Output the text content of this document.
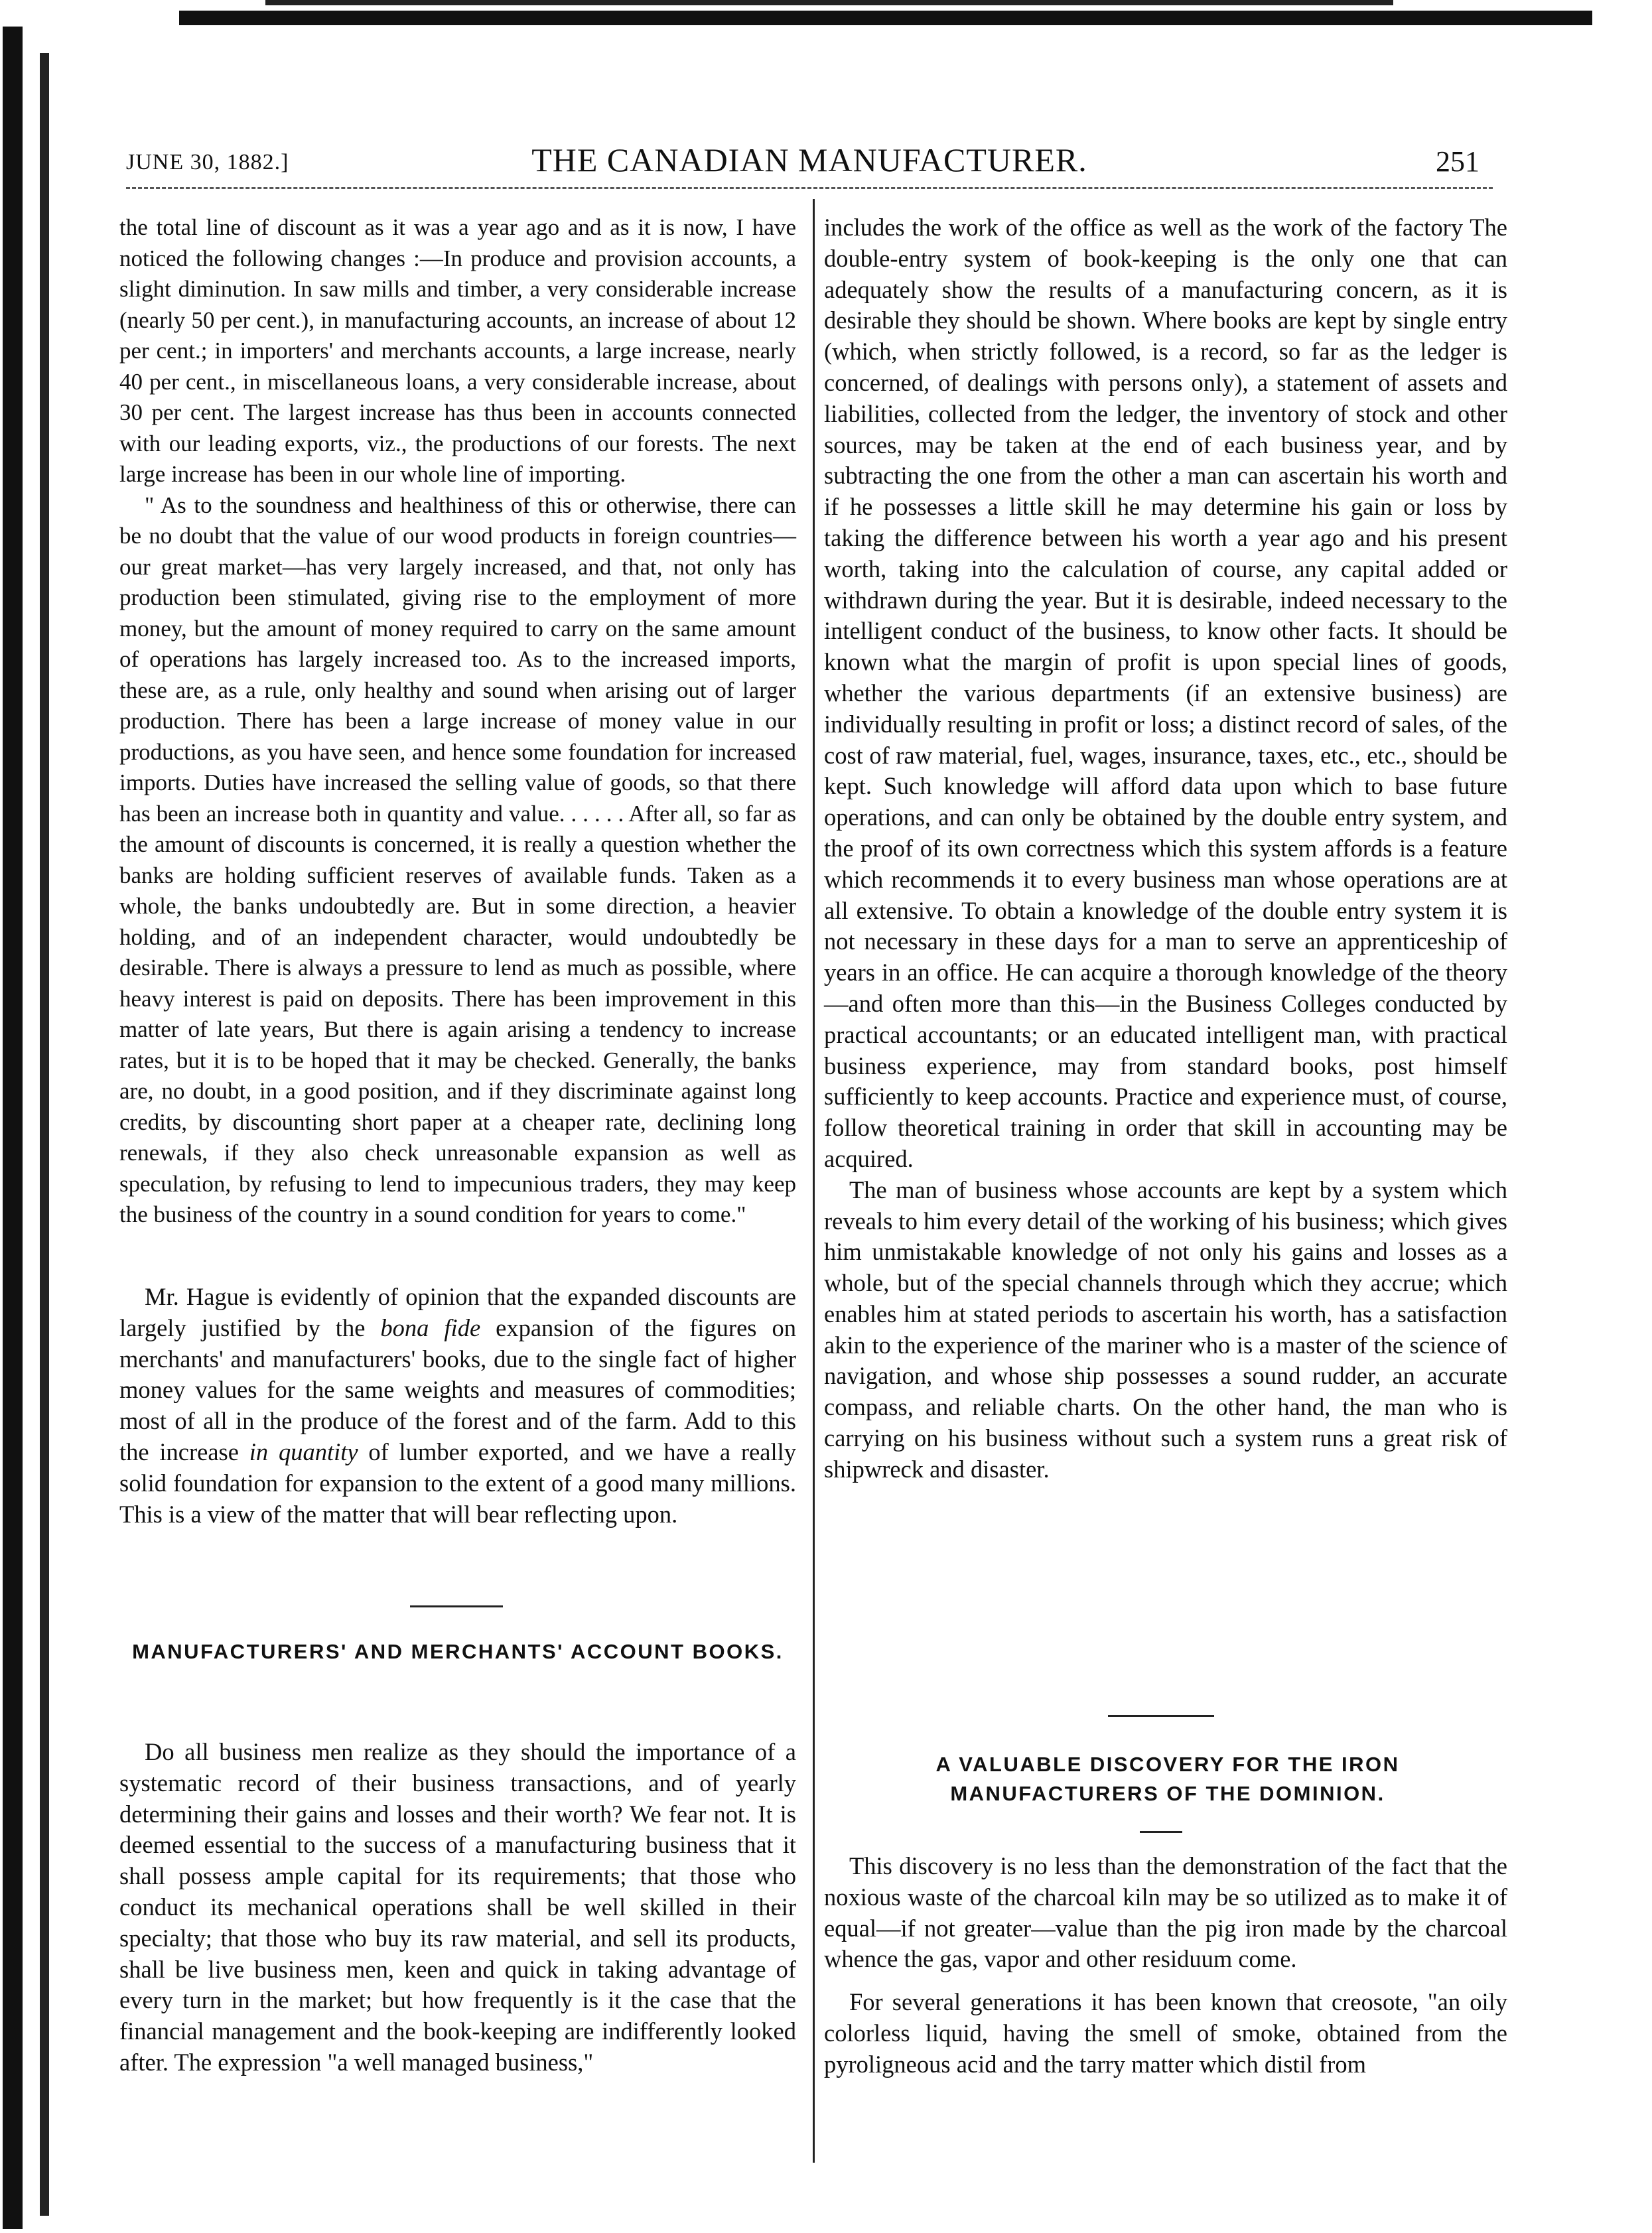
JUNE 30, 1882.]	THE CANADIAN MANUFACTURER.	251

the total line of discount as it was a year ago and as it is now, I have noticed the following changes :—In produce and provision accounts, a slight diminution. In saw mills and timber, a very considerable increase (nearly 50 per cent.), in manufacturing accounts, an increase of about 12 per cent.; in importers' and merchants accounts, a large increase, nearly 40 per cent., in miscellaneous loans, a very considerable increase, about 30 per cent. The largest increase has thus been in accounts connected with our leading exports, viz., the productions of our forests. The next large increase has been in our whole line of importing.

" As to the soundness and healthiness of this or otherwise, there can be no doubt that the value of our wood products in foreign countries—our great market—has very largely increased, and that, not only has production been stimulated, giving rise to the employment of more money, but the amount of money required to carry on the same amount of operations has largely increased too. As to the increased imports, these are, as a rule, only healthy and sound when arising out of larger production. There has been a large increase of money value in our productions, as you have seen, and hence some foundation for increased imports. Duties have increased the selling value of goods, so that there has been an increase both in quantity and value. . . . . . After all, so far as the amount of discounts is concerned, it is really a question whether the banks are holding sufficient reserves of available funds. Taken as a whole, the banks undoubtedly are. But in some direction, a heavier holding, and of an independent character, would undoubtedly be desirable. There is always a pressure to lend as much as possible, where heavy interest is paid on deposits. There has been improvement in this matter of late years, But there is again arising a tendency to increase rates, but it is to be hoped that it may be checked. Generally, the banks are, no doubt, in a good position, and if they discriminate against long credits, by discounting short paper at a cheaper rate, declining long renewals, if they also check unreasonable expansion as well as speculation, by refusing to lend to impecunious traders, they may keep the business of the country in a sound condition for years to come."

Mr. Hague is evidently of opinion that the expanded discounts are largely justified by the bona fide expansion of the figures on merchants' and manufacturers' books, due to the single fact of higher money values for the same weights and measures of commodities; most of all in the produce of the forest and of the farm. Add to this the increase in quantity of lumber exported, and we have a really solid foundation for expansion to the extent of a good many millions. This is a view of the matter that will bear reflecting upon.

MANUFACTURERS' AND MERCHANTS' ACCOUNT BOOKS.

Do all business men realize as they should the importance of a systematic record of their business transactions, and of yearly determining their gains and losses and their worth? We fear not. It is deemed essential to the success of a manufacturing business that it shall possess ample capital for its requirements; that those who conduct its mechanical operations shall be well skilled in their specialty; that those who buy its raw material, and sell its products, shall be live business men, keen and quick in taking advantage of every turn in the market; but how frequently is it the case that the financial management and the book-keeping are indifferently looked after. The expression "a well managed business,"

includes the work of the office as well as the work of the factory The double-entry system of book-keeping is the only one that can adequately show the results of a manufacturing concern, as it is desirable they should be shown. Where books are kept by single entry (which, when strictly followed, is a record, so far as the ledger is concerned, of dealings with persons only), a statement of assets and liabilities, collected from the ledger, the inventory of stock and other sources, may be taken at the end of each business year, and by subtracting the one from the other a man can ascertain his worth and if he possesses a little skill he may determine his gain or loss by taking the difference between his worth a year ago and his present worth, taking into the calculation of course, any capital added or withdrawn during the year. But it is desirable, indeed necessary to the intelligent conduct of the business, to know other facts. It should be known what the margin of profit is upon special lines of goods, whether the various departments (if an extensive business) are individually resulting in profit or loss; a distinct record of sales, of the cost of raw material, fuel, wages, insurance, taxes, etc., etc., should be kept. Such knowledge will afford data upon which to base future operations, and can only be obtained by the double entry system, and the proof of its own correctness which this system affords is a feature which recommends it to every business man whose operations are at all extensive. To obtain a knowledge of the double entry system it is not necessary in these days for a man to serve an apprenticeship of years in an office. He can acquire a thorough knowledge of the theory—and often more than this—in the Business Colleges conducted by practical accountants; or an educated intelligent man, with practical business experience, may from standard books, post himself sufficiently to keep accounts. Practice and experience must, of course, follow theoretical training in order that skill in accounting may be acquired.

The man of business whose accounts are kept by a system which reveals to him every detail of the working of his business; which gives him unmistakable knowledge of not only his gains and losses as a whole, but of the special channels through which they accrue; which enables him at stated periods to ascertain his worth, has a satisfaction akin to the experience of the mariner who is a master of the science of navigation, and whose ship possesses a sound rudder, an accurate compass, and reliable charts. On the other hand, the man who is carrying on his business without such a system runs a great risk of shipwreck and disaster.

A VALUABLE DISCOVERY FOR THE IRON MANUFACTURERS OF THE DOMINION.

This discovery is no less than the demonstration of the fact that the noxious waste of the charcoal kiln may be so utilized as to make it of equal—if not greater—value than the pig iron made by the charcoal whence the gas, vapor and other residuum come.

For several generations it has been known that creosote, "an oily colorless liquid, having the smell of smoke, obtained from the pyroligneous acid and the tarry matter which distil from
